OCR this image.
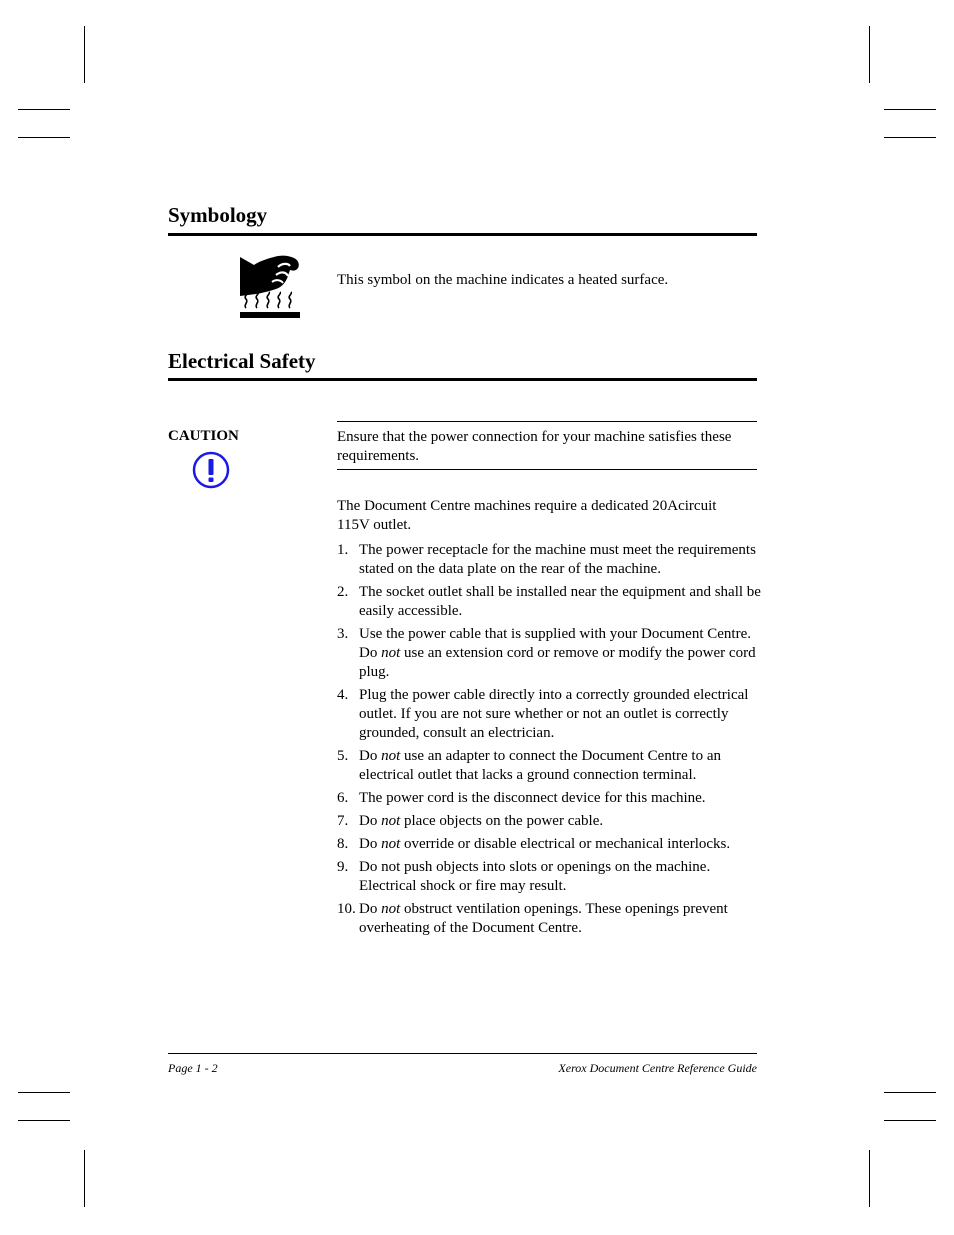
Symbology

This symbol on the machine indicates a heated surface.

Electrical Safety
CAUTION	Ensure that the power connection for your machine satisfies these requirements.

The Document Centre machines require a dedicated 20Acircuit 115V outlet.

1. The power receptacle for the machine must meet the requirements stated on the data plate on the rear of the machine.
2. The socket outlet shall be installed near the equipment and shall be easily accessible.
3. Use the power cable that is supplied with your Document Centre. Do not use an extension cord or remove or modify the power cord plug.
4. Plug the power cable directly into a correctly grounded electrical outlet. If you are not sure whether or not an outlet is correctly grounded, consult an electrician.
5. Do not use an adapter to connect the Document Centre to an electrical outlet that lacks a ground connection terminal.
6. The power cord is the disconnect device for this machine.
7. Do not place objects on the power cable.
8. Do not override or disable electrical or mechanical interlocks.
9. Do not push objects into slots or openings on the machine. Electrical shock or fire may result.
10. Do not obstruct ventilation openings. These openings prevent overheating of the Document Centre.
Page 1 - 2	Xerox Document Centre Reference Guide
